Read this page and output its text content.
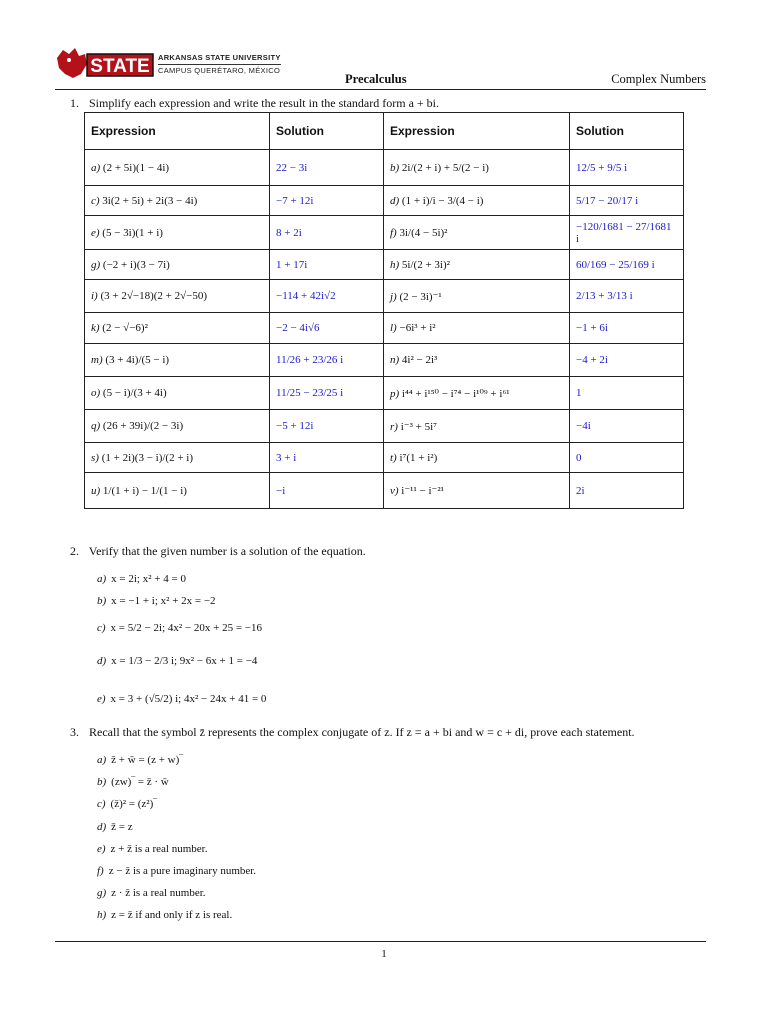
STATE ARKANSAS STATE UNIVERSITY
CAMPUS QUERÉTARO, MÉXICO
Precalculus	Complex Numbers
1. Simplify each expression and write the result in the standard form a + bi.
Expression	Solution	Expression	Solution
a) (2 + 5i)(1 − 4i)	22 − 3i	b) 2i/(2 + i) + 5/(2 − i)	12/5 + 9/5 i
c) 3i(2 + 5i) + 2i(3 − 4i)	−7 + 12i	d) (1 + i)/i − 3/(4 − i)	5/17 − 20/17 i
e) (5 − 3i)(1 + i)	8 + 2i	f) 3i/(4 − 5i)²	−120/1681 − 27/1681 i
g) (−2 + i)(3 − 7i)	1 + 17i	h) 5i/(2 + 3i)²	60/169 − 25/169 i
i) (3 + 2√−18)(2 + 2√−50)	−114 + 42i√2	j) (2 − 3i)⁻¹	2/13 + 3/13 i
k) (2 − √−6)²	−2 − 4i√6	l) −6i³ + i²	−1 + 6i
m) (3 + 4i)/(5 − i)	11/26 + 23/26 i	n) 4i² − 2i³	−4 + 2i
o) (5 − i)/(3 + 4i)	11/25 − 23/25 i	p) i⁴⁴ + i¹⁵⁰ − i⁷⁴ − i¹⁰⁹ + i⁶¹	1
q) (26 + 39i)/(2 − 3i)	−5 + 12i	r) i⁻³ + 5i⁷	−4i
s) (1 + 2i)(3 − i)/(2 + i)	3 + i	t) i⁷(1 + i²)	0
u) 1/(1 + i) − 1/(1 − i)	−i	v) i⁻¹¹ − i⁻²¹	2i
2. Verify that the given number is a solution of the equation.
a) x = 2i; x² + 4 = 0
b) x = −1 + i; x² + 2x = −2
c) x = 5/2 − 2i; 4x² − 20x + 25 = −16
d) x = 1/3 − 2/3 i; 9x² − 6x + 1 = −4
e) x = 3 + (√5/2) i; 4x² − 24x + 41 = 0
3. Recall that the symbol z̄ represents the complex conjugate of z. If z = a + bi and w = c + di, prove each statement.
a) z̄ + w̄ = (z + w)‾
b) (zw)‾ = z̄ · w̄
c) (z̄)² = (z²)‾
d) z̄̄ = z
e) z + z̄ is a real number.
f) z − z̄ is a pure imaginary number.
g) z · z̄ is a real number.
h) z = z̄ if and only if z is real.
1
